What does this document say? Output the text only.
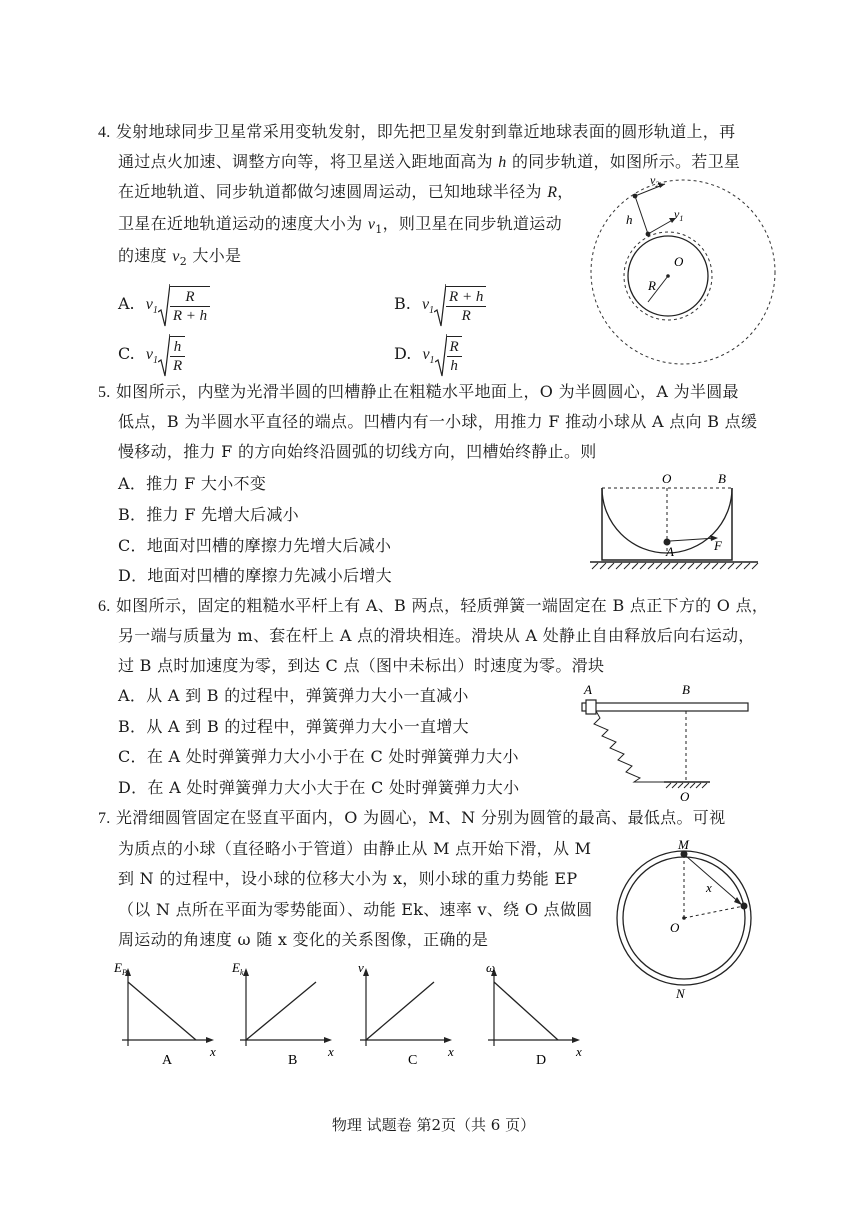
4. 发射地球同步卫星常采用变轨发射，即先把卫星发射到靠近地球表面的圆形轨道上，再
通过点火加速、调整方向等，将卫星送入距地面高为 h 的同步轨道，如图所示。若卫星
在近地轨道、同步轨道都做匀速圆周运动，已知地球半径为 R，
卫星在近地轨道运动的速度大小为 $v_1$，则卫星在同步轨道运动
的速度 $v_2$ 大小是
A. $v_1 \frac{R}{R + h}$	B. $v_1 \frac{R + h}{R}$
C. $v_1 \frac{h}{R}$	D. $v_1 \frac{R}{h}$
$v_2$
$v_1$
h
R
O
5. 如图所示，内壁为光滑半圆的凹槽静止在粗糙水平地面上，O 为半圆圆心，A 为半圆最
低点，B 为半圆水平直径的端点。凹槽内有一小球，用推力 F 推动小球从 A 点向 B 点缓
慢移动，推力 F 的方向始终沿圆弧的切线方向，凹槽始终静止。则
A．推力 F 大小不变
B．推力 F 先增大后减小
C．地面对凹槽的摩擦力先增大后减小
D．地面对凹槽的摩擦力先减小后增大
O	B
A	F
6. 如图所示，固定的粗糙水平杆上有 A、B 两点，轻质弹簧一端固定在 B 点正下方的 O 点，
另一端与质量为 m、套在杆上 A 点的滑块相连。滑块从 A 处静止自由释放后向右运动，
过 B 点时加速度为零，到达 C 点（图中未标出）时速度为零。滑块
A．从 A 到 B 的过程中，弹簧弹力大小一直减小
B．从 A 到 B 的过程中，弹簧弹力大小一直增大
C．在 A 处时弹簧弹力大小小于在 C 处时弹簧弹力大小
D．在 A 处时弹簧弹力大小大于在 C 处时弹簧弹力大小
A	B
O
7. 光滑细圆管固定在竖直平面内，O 为圆心，M、N 分别为圆管的最高、最低点。可视
为质点的小球（直径略小于管道）由静止从 M 点开始下滑，从 M
到 N 的过程中，设小球的位移大小为 x，则小球的重力势能 EP
（以 N 点所在平面为零势能面）、动能 Ek、速率 v、绕 O 点做圆
周运动的角速度 ω 随 x 变化的关系图像，正确的是
M
x
O
N
$E_P$
x
A
$E_k$
x
B
v
x
C
ω
x
D
物理 试题卷 第2页（共 6 页）
